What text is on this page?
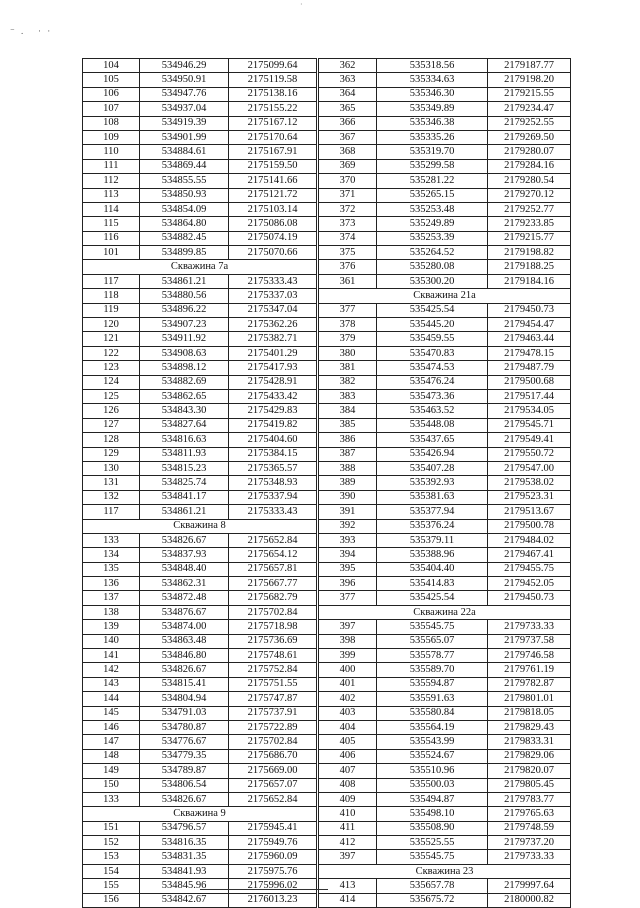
·
⁻ .   · ·
104	534946.29	2175099.64
105	534950.91	2175119.58
106	534947.76	2175138.16
107	534937.04	2175155.22
108	534919.39	2175167.12
109	534901.99	2175170.64
110	534884.61	2175167.91
111	534869.44	2175159.50
112	534855.55	2175141.66
113	534850.93	2175121.72
114	534854.09	2175103.14
115	534864.80	2175086.08
116	534882.45	2175074.19
101	534899.85	2175070.66
Скважина 7а		
117	534861.21	2175333.43
118	534880.56	2175337.03
119	534896.22	2175347.04
120	534907.23	2175362.26
121	534911.92	2175382.71
122	534908.63	2175401.29
123	534898.12	2175417.93
124	534882.69	2175428.91
125	534862.65	2175433.42
126	534843.30	2175429.83
127	534827.64	2175419.82
128	534816.63	2175404.60
129	534811.93	2175384.15
130	534815.23	2175365.57
131	534825.74	2175348.93
132	534841.17	2175337.94
117	534861.21	2175333.43
Скважина 8		
133	534826.67	2175652.84
134	534837.93	2175654.12
135	534848.40	2175657.81
136	534862.31	2175667.77
137	534872.48	2175682.79
138	534876.67	2175702.84
139	534874.00	2175718.98
140	534863.48	2175736.69
141	534846.80	2175748.61
142	534826.67	2175752.84
143	534815.41	2175751.55
144	534804.94	2175747.87
145	534791.03	2175737.91
146	534780.87	2175722.89
147	534776.67	2175702.84
148	534779.35	2175686.70
149	534789.87	2175669.00
150	534806.54	2175657.07
133	534826.67	2175652.84
Скважина 9		
151	534796.57	2175945.41
152	534816.35	2175949.76
153	534831.35	2175960.09
154	534841.93	2175975.76
155	534845.96	2175996.02
156	534842.67	2176013.23
362	535318.56	2179187.77
363	535334.63	2179198.20
364	535346.30	2179215.55
365	535349.89	2179234.47
366	535346.38	2179252.55
367	535335.26	2179269.50
368	535319.70	2179280.07
369	535299.58	2179284.16
370	535281.22	2179280.54
371	535265.15	2179270.12
372	535253.48	2179252.77
373	535249.89	2179233.85
374	535253.39	2179215.77
375	535264.52	2179198.82
376	535280.08	2179188.25
361	535300.20	2179184.16
Скважина 21а		
377	535425.54	2179450.73
378	535445.20	2179454.47
379	535459.55	2179463.44
380	535470.83	2179478.15
381	535474.53	2179487.79
382	535476.24	2179500.68
383	535473.36	2179517.44
384	535463.52	2179534.05
385	535448.08	2179545.71
386	535437.65	2179549.41
387	535426.94	2179550.72
388	535407.28	2179547.00
389	535392.93	2179538.02
390	535381.63	2179523.31
391	535377.94	2179513.67
392	535376.24	2179500.78
393	535379.11	2179484.02
394	535388.96	2179467.41
395	535404.40	2179455.75
396	535414.83	2179452.05
377	535425.54	2179450.73
Скважина 22а		
397	535545.75	2179733.33
398	535565.07	2179737.58
399	535578.77	2179746.58
400	535589.70	2179761.19
401	535594.87	2179782.87
402	535591.63	2179801.01
403	535580.84	2179818.05
404	535564.19	2179829.43
405	535543.99	2179833.31
406	535524.67	2179829.06
407	535510.96	2179820.07
408	535500.03	2179805.45
409	535494.87	2179783.77
410	535498.10	2179765.63
411	535508.90	2179748.59
412	535525.55	2179737.20
397	535545.75	2179733.33
Скважина 23		
413	535657.78	2179997.64
414	535675.72	2180000.82
